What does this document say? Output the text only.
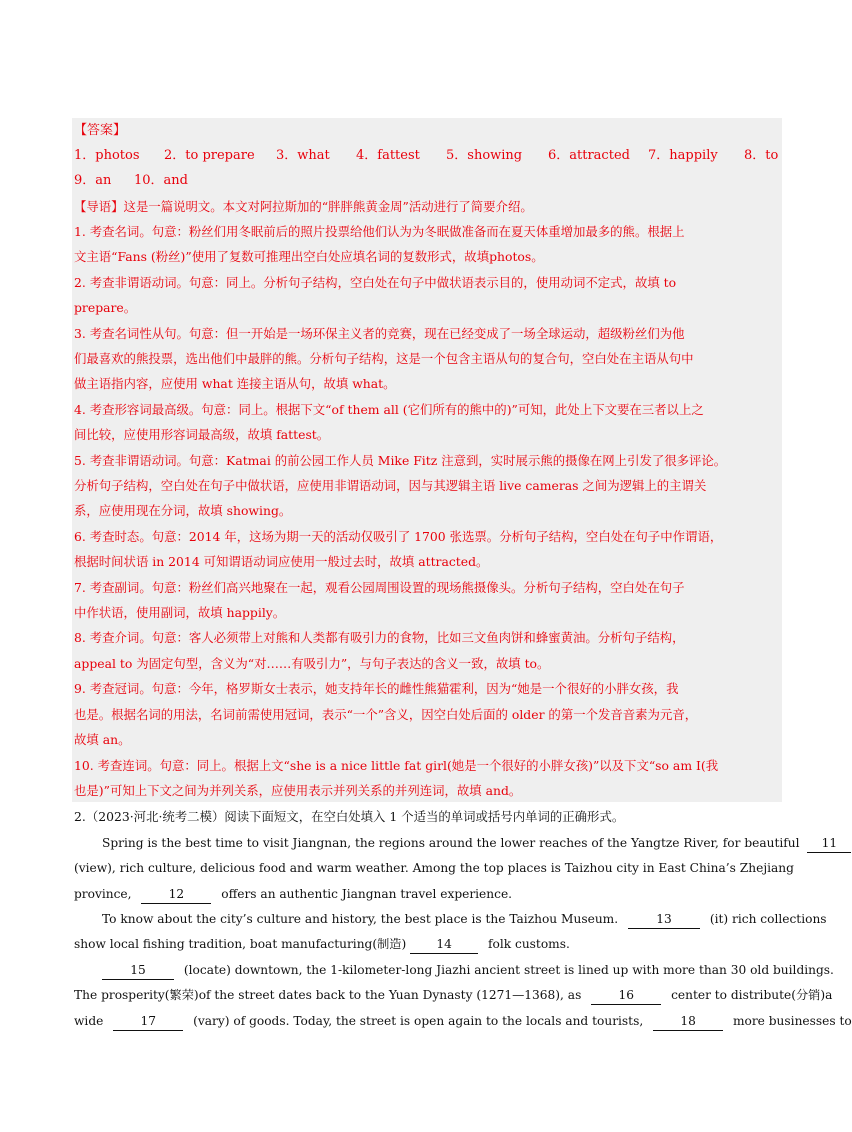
【答案】
1．photos 2．to prepare 3．what 4．fattest 5．showing 6．attracted 7．happily 8．to
9．an 10．and
【导语】这是一篇说明文。本文对阿拉斯加的“胖胖熊黄金周”活动进行了简要介绍。
1. 考查名词。句意：粉丝们用冬眠前后的照片投票给他们认为为冬眠做准备而在夏天体重增加最多的熊。根据上
文主语“Fans (粉丝)”使用了复数可推理出空白处应填名词的复数形式，故填photos。
2. 考查非谓语动词。句意：同上。分析句子结构，空白处在句子中做状语表示目的，使用动词不定式，故填 to
prepare。
3. 考查名词性从句。句意：但一开始是一场环保主义者的竞赛，现在已经变成了一场全球运动，超级粉丝们为他
们最喜欢的熊投票，选出他们中最胖的熊。分析句子结构，这是一个包含主语从句的复合句，空白处在主语从句中
做主语指内容，应使用 what 连接主语从句，故填 what。
4. 考查形容词最高级。句意：同上。根据下文“of them all (它们所有的熊中的)”可知，此处上下文要在三者以上之
间比较，应使用形容词最高级，故填 fattest。
5. 考查非谓语动词。句意：Katmai 的前公园工作人员 Mike Fitz 注意到，实时展示熊的摄像在网上引发了很多评论。
分析句子结构，空白处在句子中做状语，应使用非谓语动词，因与其逻辑主语 live cameras 之间为逻辑上的主谓关
系，应使用现在分词，故填 showing。
6. 考查时态。句意：2014 年，这场为期一天的活动仅吸引了 1700 张选票。分析句子结构，空白处在句子中作谓语，
根据时间状语 in 2014 可知谓语动词应使用一般过去时，故填 attracted。
7. 考查副词。句意：粉丝们高兴地聚在一起，观看公园周围设置的现场熊摄像头。分析句子结构，空白处在句子
中作状语，使用副词，故填 happily。
8. 考查介词。句意：客人必须带上对熊和人类都有吸引力的食物，比如三文鱼肉饼和蜂蜜黄油。分析句子结构，
appeal to 为固定句型，含义为“对……有吸引力”，与句子表达的含义一致，故填 to。
9. 考查冠词。句意：今年，格罗斯女士表示，她支持年长的雌性熊猫霍利，因为“她是一个很好的小胖女孩，我
也是。根据名词的用法，名词前需使用冠词，表示“一个”含义，因空白处后面的 older 的第一个发音音素为元音，
故填 an。
10. 考查连词。句意：同上。根据上文“she is a nice little fat girl(她是一个很好的小胖女孩)”以及下文“so am I(我
也是)”可知上下文之间为并列关系，应使用表示并列关系的并列连词，故填 and。
2.（2023·河北·统考二模）阅读下面短文，在空白处填入 1 个适当的单词或括号内单词的正确形式。
Spring is the best time to visit Jiangnan, the regions around the lower reaches of the Yangtze River, for beautiful 11
(view), rich culture, delicious food and warm weather. Among the top places is Taizhou city in East China’s Zhejiang
province,	12	offers an authentic Jiangnan travel experience.
To know about the city’s culture and history, the best place is the Taizhou Museum.	13	(it) rich collections
show local fishing tradition, boat manufacturing(制造) 14	folk customs.
15	(locate) downtown, the 1-kilometer-long Jiazhi ancient street is lined up with more than 30 old buildings.
The prosperity(繁荣)of the street dates back to the Yuan Dynasty (1271—1368), as	16	center to distribute(分销)a
wide	17	(vary) of goods. Today, the street is open again to the locals and tourists,	18	more businesses to
